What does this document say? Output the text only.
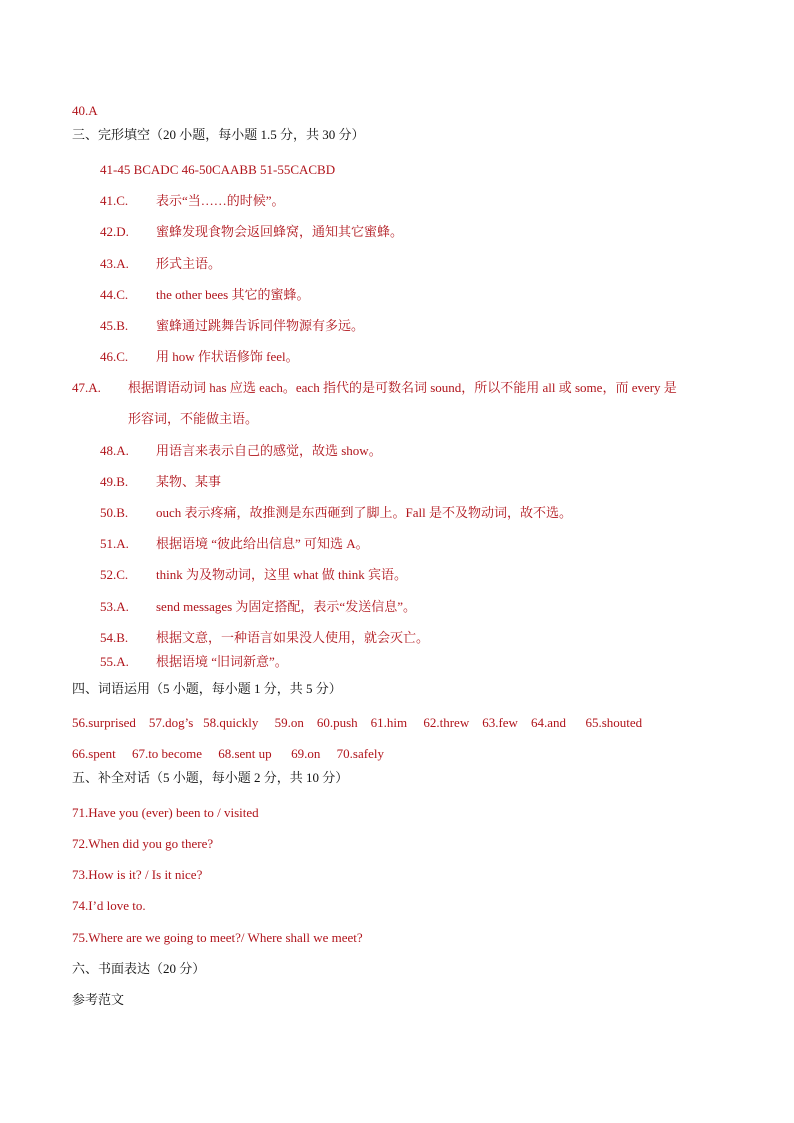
40.A
三、完形填空（20 小题，每小题 1.5 分，共 30 分）
41-45 BCADC 46-50CAABB 51-55CACBD
41.C. 表示“当……的时候”。
42.D. 蜜蜂发现食物会返回蜂窝，通知其它蜜蜂。
43.A. 形式主语。
44.C. the other bees 其它的蜜蜂。
45.B. 蜜蜂通过跳舞告诉同伴物源有多远。
46.C. 用 how 作状语修饰 feel。
47.A. 根据谓语动词 has 应选 each。each 指代的是可数名词 sound，所以不能用 all 或 some，而 every 是
形容词，不能做主语。
48.A. 用语言来表示自己的感觉，故选 show。
49.B. 某物、某事
50.B. ouch 表示疼痛，故推测是东西砸到了脚上。Fall 是不及物动词，故不选。
51.A. 根据语境 “彼此给出信息” 可知选 A。
52.C. think 为及物动词，这里 what 做 think 宾语。
53.A. send messages 为固定搭配，表示“发送信息”。
54.B. 根据文意，一种语言如果没人使用，就会灭亡。
55.A. 根据语境 “旧词新意”。
四、词语运用（5 小题，每小题 1 分，共 5 分）
56.surprised    57.dog’s   58.quickly     59.on    60.push    61.him     62.threw    63.few    64.and      65.shouted
66.spent     67.to become     68.sent up      69.on     70.safely
五、补全对话（5 小题，每小题 2 分，共 10 分）
71.Have you (ever) been to / visited
72.When did you go there?
73.How is it? / Is it nice?
74.I’d love to.
75.Where are we going to meet?/ Where shall we meet?
六、书面表达（20 分）
参考范文
